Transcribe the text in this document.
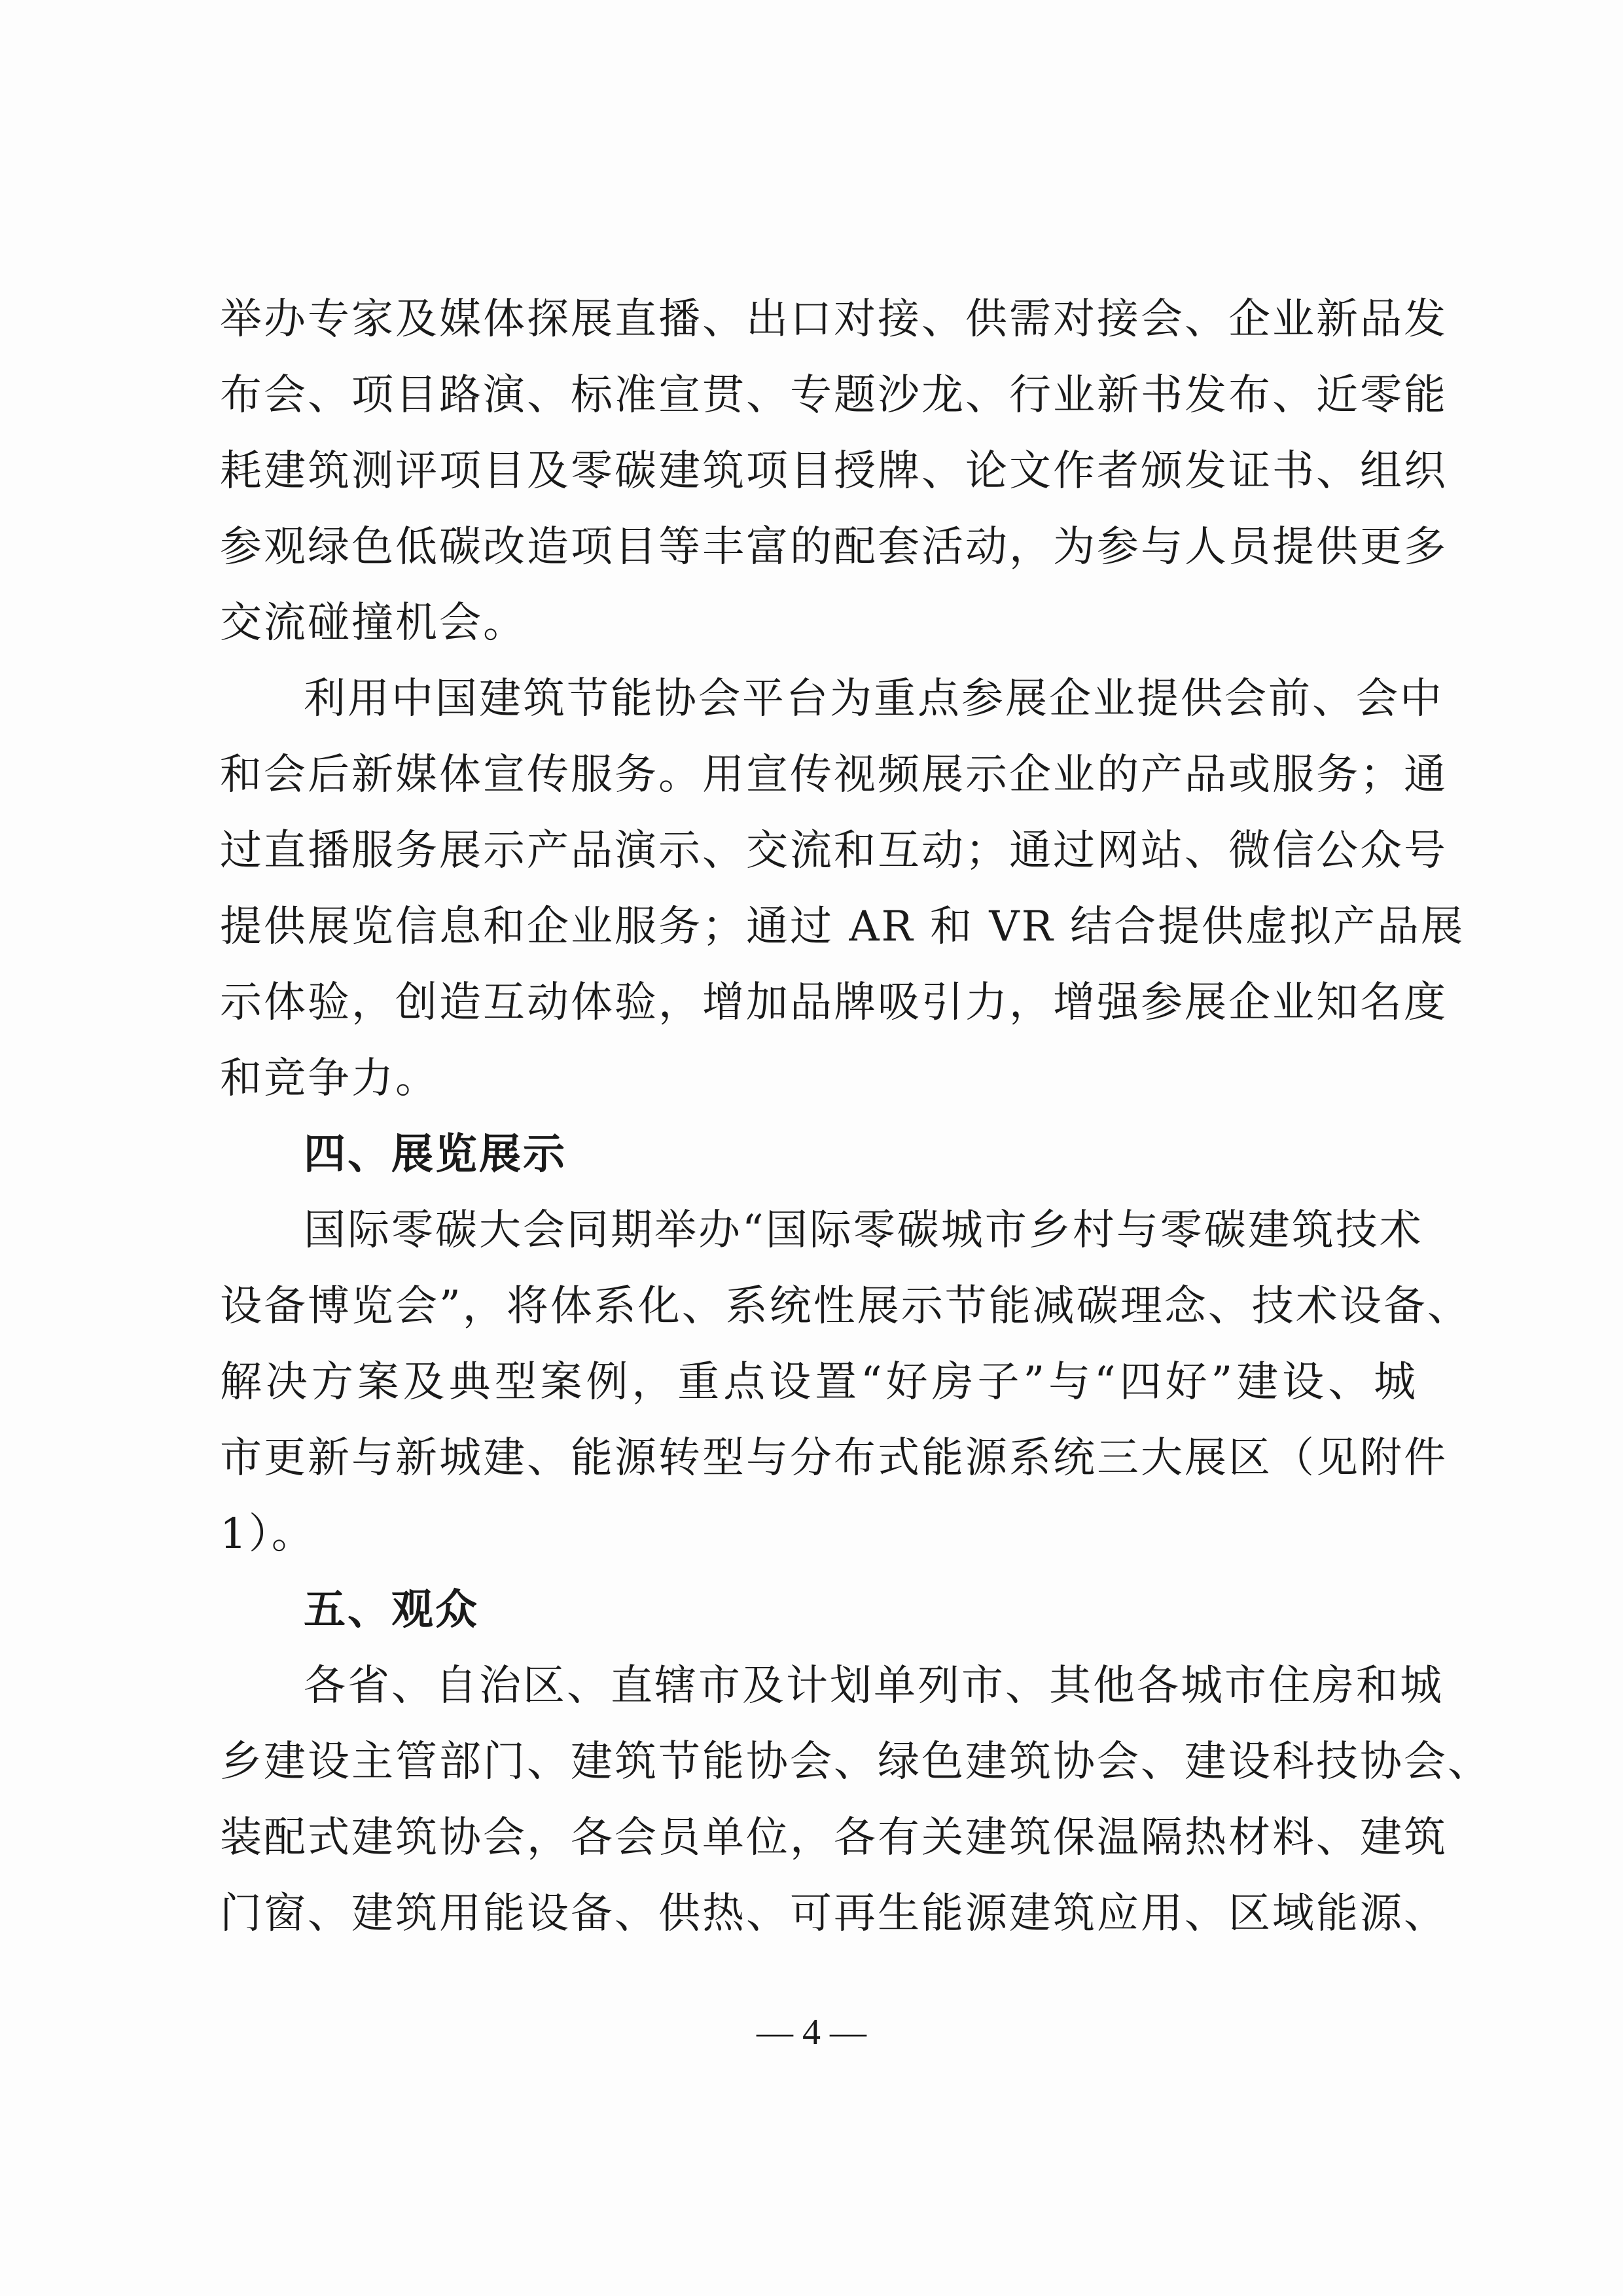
举办专家及媒体探展直播、出口对接、供需对接会、企业新品发
布会、项目路演、标准宣贯、专题沙龙、行业新书发布、近零能
耗建筑测评项目及零碳建筑项目授牌、论文作者颁发证书、组织
参观绿色低碳改造项目等丰富的配套活动，为参与人员提供更多
交流碰撞机会。

利用中国建筑节能协会平台为重点参展企业提供会前、会中
和会后新媒体宣传服务。用宣传视频展示企业的产品或服务；通
过直播服务展示产品演示、交流和互动；通过网站、微信公众号
提供展览信息和企业服务；通过 AR 和 VR 结合提供虚拟产品展
示体验，创造互动体验，增加品牌吸引力，增强参展企业知名度
和竞争力。

四、展览展示

国际零碳大会同期举办“国际零碳城市乡村与零碳建筑技术
设备博览会”，将体系化、系统性展示节能减碳理念、技术设备、
解决方案及典型案例，重点设置“好房子”与“四好”建设、城
市更新与新城建、能源转型与分布式能源系统三大展区（见附件
1）。

五、观众

各省、自治区、直辖市及计划单列市、其他各城市住房和城
乡建设主管部门、建筑节能协会、绿色建筑协会、建设科技协会、
装配式建筑协会，各会员单位，各有关建筑保温隔热材料、建筑
门窗、建筑用能设备、供热、可再生能源建筑应用、区域能源、

— 4 —
